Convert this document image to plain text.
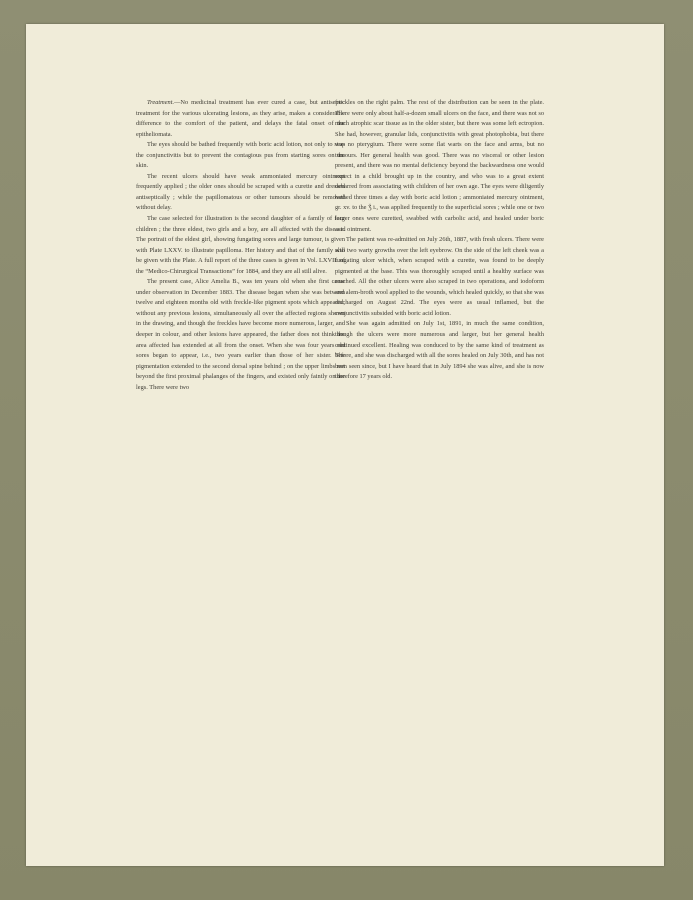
Treatment.—No medicinal treatment has ever cured a case, but antiseptic treatment for the various ulcerating lesions, as they arise, makes a considerable difference to the comfort of the patient, and delays the fatal onset of the epitheliomata.

The eyes should be bathed frequently with boric acid lotion, not only to stop the conjunctivitis but to prevent the contagious pus from starting sores on the skin.

The recent ulcers should have weak ammoniated mercury ointment frequently applied ; the older ones should be scraped with a curette and dressed antiseptically ; while the papillomatous or other tumours should be removed without delay.

The case selected for illustration is the second daughter of a family of four children ; the three eldest, two girls and a boy, are all affected with the disease. The portrait of the eldest girl, showing fungating sores and large tumour, is given with Plate LXXV. to illustrate papilloma. Her history and that of the family will be given with the Plate. A full report of the three cases is given in Vol. LXVII. of the “Medico-Chirurgical Transactions” for 1884, and they are all still alive.

The present case, Alice Amelia B., was ten years old when she first came under observation in December 1883. The disease began when she was between twelve and eighteen months old with freckle-like pigment spots which appeared, without any previous lesions, simultaneously all over the affected regions shown in the drawing, and though the freckles have become more numerous, larger, and deeper in colour, and other lesions have appeared, the father does not think the area affected has extended at all from the onset. When she was four years old sores began to appear, i.e., two years earlier than those of her sister. The pigmentation extended to the second dorsal spine behind ; on the upper limbs not beyond the first proximal phalanges of the fingers, and existed only faintly on the legs. There were two

freckles on the right palm. The rest of the distribution can be seen in the plate. There were only about half-a-dozen small ulcers on the face, and there was not so much atrophic scar tissue as in the older sister, but there was some left ectropion. She had, however, granular lids, conjunctivitis with great photophobia, but there was no pterygium. There were some flat warts on the face and arms, but no tumours. Her general health was good. There was no visceral or other lesion present, and there was no mental deficiency beyond the backwardness one would expect in a child brought up in the country, and who was to a great extent debarred from associating with children of her own age. The eyes were diligently bathed three times a day with boric acid lotion ; ammoniated mercury ointment, gr. xv. to the Ǯ i., was applied frequently to the superficial sores ; while one or two larger ones were curetted, swabbed with carbolic acid, and healed under boric acid ointment.

The patient was re-admitted on July 26th, 1887, with fresh ulcers. There were also two warty growths over the left eyebrow. On the side of the left cheek was a fungating ulcer which, when scraped with a curette, was found to be deeply pigmented at the base. This was thoroughly scraped until a healthy surface was reached. All the other ulcers were also scraped in two operations, and iodoform and alem-broth wool applied to the wounds, which healed quickly, so that she was discharged on August 22nd. The eyes were as usual inflamed, but the conjunctivitis subsided with boric acid lotion.

She was again admitted on July 1st, 1891, in much the same condition, though the ulcers were more numerous and larger, but her general health continued excellent. Healing was conduced to by the same kind of treatment as before, and she was discharged with all the sores healed on July 30th, and has not been seen since, but I have heard that in July 1894 she was alive, and she is now therefore 17 years old.
